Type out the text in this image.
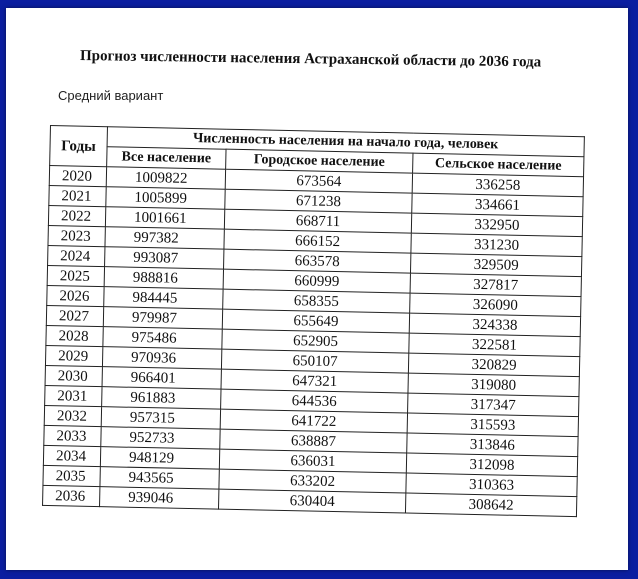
Прогноз численности населения Астраханской области до 2036 года
Средний вариант
Годы	Численность населения на начало года, человек		
	Все население	Городское население	Сельское население
2020	1009822	673564	336258
2021	1005899	671238	334661
2022	1001661	668711	332950
2023	997382	666152	331230
2024	993087	663578	329509
2025	988816	660999	327817
2026	984445	658355	326090
2027	979987	655649	324338
2028	975486	652905	322581
2029	970936	650107	320829
2030	966401	647321	319080
2031	961883	644536	317347
2032	957315	641722	315593
2033	952733	638887	313846
2034	948129	636031	312098
2035	943565	633202	310363
2036	939046	630404	308642
